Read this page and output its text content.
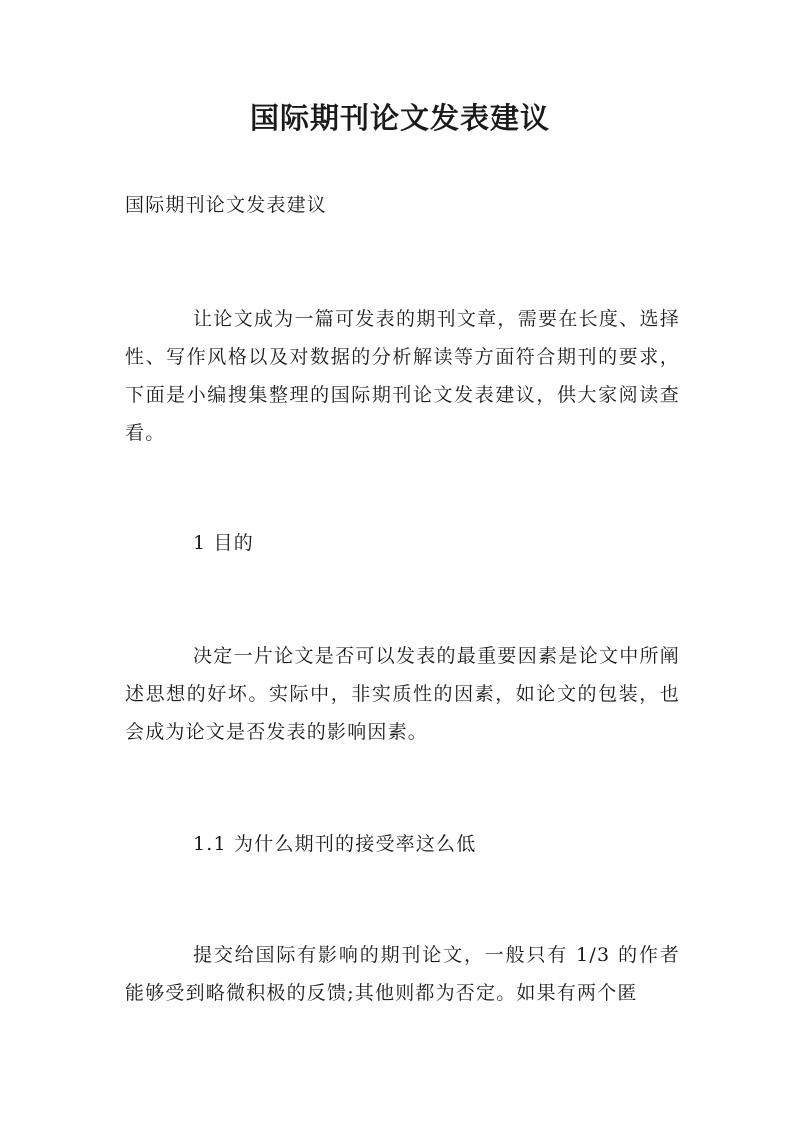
国际期刊论文发表建议

国际期刊论文发表建议

让论文成为一篇可发表的期刊文章，需要在长度、选择性、写作风格以及对数据的分析解读等方面符合期刊的要求，下面是小编搜集整理的国际期刊论文发表建议，供大家阅读查看。

1 目的

决定一片论文是否可以发表的最重要因素是论文中所阐述思想的好坏。实际中，非实质性的因素，如论文的包装，也会成为论文是否发表的影响因素。

1.1 为什么期刊的接受率这么低

提交给国际有影响的期刊论文，一般只有 1/3 的作者能够受到略微积极的反馈;其他则都为否定。如果有两个匿
